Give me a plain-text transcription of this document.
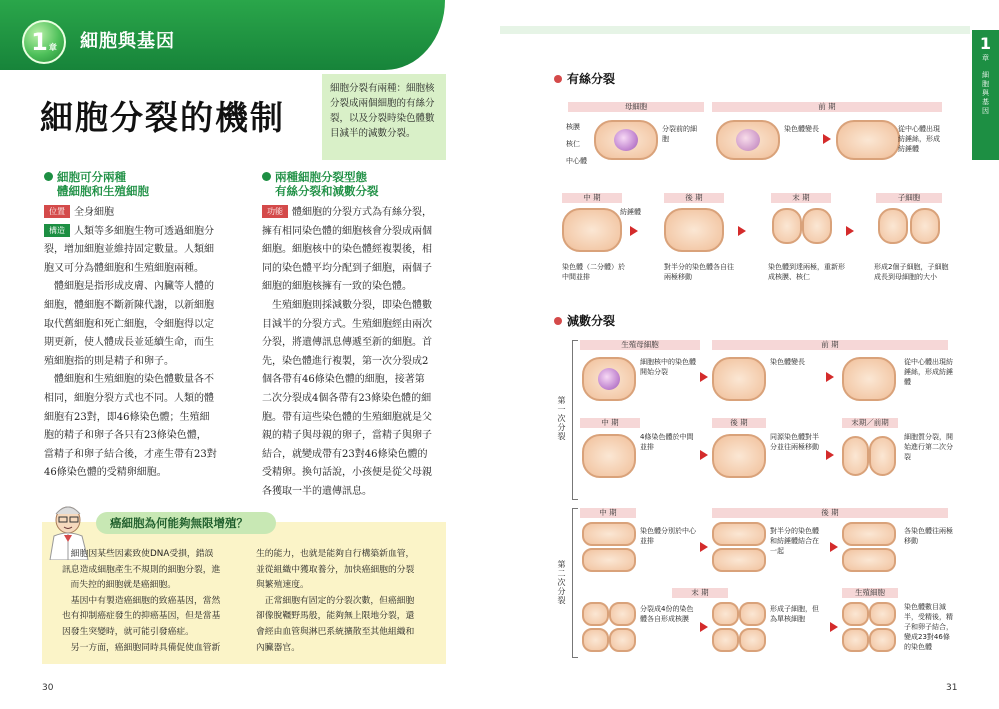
1 章 細胞與基因
細胞分裂的機制
細胞分裂有兩種：細胞核分裂成兩個細胞的有絲分裂，以及分裂時染色體數目減半的減數分裂。
細胞可分兩種
體細胞和生殖細胞
位置 全身細胞
構造 人類等多細胞生物可透過細胞分
裂，增加細胞並維持固定數量。人類細
胞又可分為體細胞和生殖細胞兩種。
　體細胞是指形成皮膚、內臟等人體的
細胞，體細胞不斷新陳代謝，以新細胞
取代舊細胞和死亡細胞，令細胞得以定
期更新，使人體成長並延續生命，而生
殖細胞指的則是精子和卵子。
　體細胞和生殖細胞的染色體數量各不
相同，細胞分裂方式也不同。人類的體
細胞有23對，即46條染色體；生殖細
胞的精子和卵子各只有23條染色體，
當精子和卵子結合後，才產生帶有23對
46條染色體的受精卵細胞。
兩種細胞分裂型態
有絲分裂和減數分裂
功能 體細胞的分裂方式為有絲分裂，
擁有相同染色體的細胞核會分裂成兩個
細胞。細胞核中的染色體經複製後，相
同的染色體平均分配到子細胞，兩個子
細胞的細胞核擁有一致的染色體。
　生殖細胞則採減數分裂，即染色體數
目減半的分裂方式。生殖細胞經由兩次
分裂，將遺傳訊息傳遞至新的細胞。首
先，染色體進行複製，第一次分裂成2
個各帶有46條染色體的細胞，接著第
二次分裂成4個各帶有23條染色體的細
胞。帶有這些染色體的生殖細胞就是父
親的精子與母親的卵子，當精子與卵子
結合，就變成帶有23對46條染色體的
受精卵。換句話說，小孩便是從父母親
各獲取一半的遺傳訊息。
癌細胞為何能夠無限增殖？
　細胞因某些因素致使DNA受損，錯誤
訊息造成細胞產生不規則的細胞分裂，進
ㅤ而失控的細胞就是癌細胞。
　基因中有製造癌細胞的致癌基因，當然
也有抑制癌症發生的抑癌基因，但是當基
因發生突變時，就可能引發癌症。
　另一方面，癌細胞同時具備促使血管新
生的能力，也就是能夠自行構築新血管，
並從組織中獲取養分，加快癌細胞的分裂
與繁殖速度。
　正常細胞有固定的分裂次數，但癌細胞
卻像脫韁野馬般，能夠無上限地分裂，還
會經由血管與淋巴系統擴散至其他組織和
內臟器官。
30
1
章
細胞與基因
有絲分裂
母細胞	前 期
核膜
核仁
中心體
分裂前的細胞
染色體變長	從中心體出現紡錘絲，形成紡錘體
中 期	後 期	末 期	子細胞
紡錘體
染色體（二分體）於中間並排
對半分的染色體各自往兩極移動
染色體到達兩極，重新形成核膜、核仁
形成2個子細胞，子細胞成長到母細胞的大小
減數分裂
第一次分裂
第二次分裂
生殖母細胞	前 期
細胞核中的染色體開始分裂
染色體變長	從中心體出現紡錘絲，形成紡錘體
中 期	後 期	末期／前期
4條染色體於中間並排
同源染色體對半分並往兩極移動
細胞質分裂，開始進行第二次分裂
中 期	後 期
染色體分別於中心並排
對半分的染色體和紡錘體結合在一起
各染色體往兩極移動
末 期	生殖細胞
分裂成4份的染色體各自形成核膜
形成子細胞，但為單核細胞
染色體數目減半，受精後，精子和卵子結合，變成23對46條的染色體
31
